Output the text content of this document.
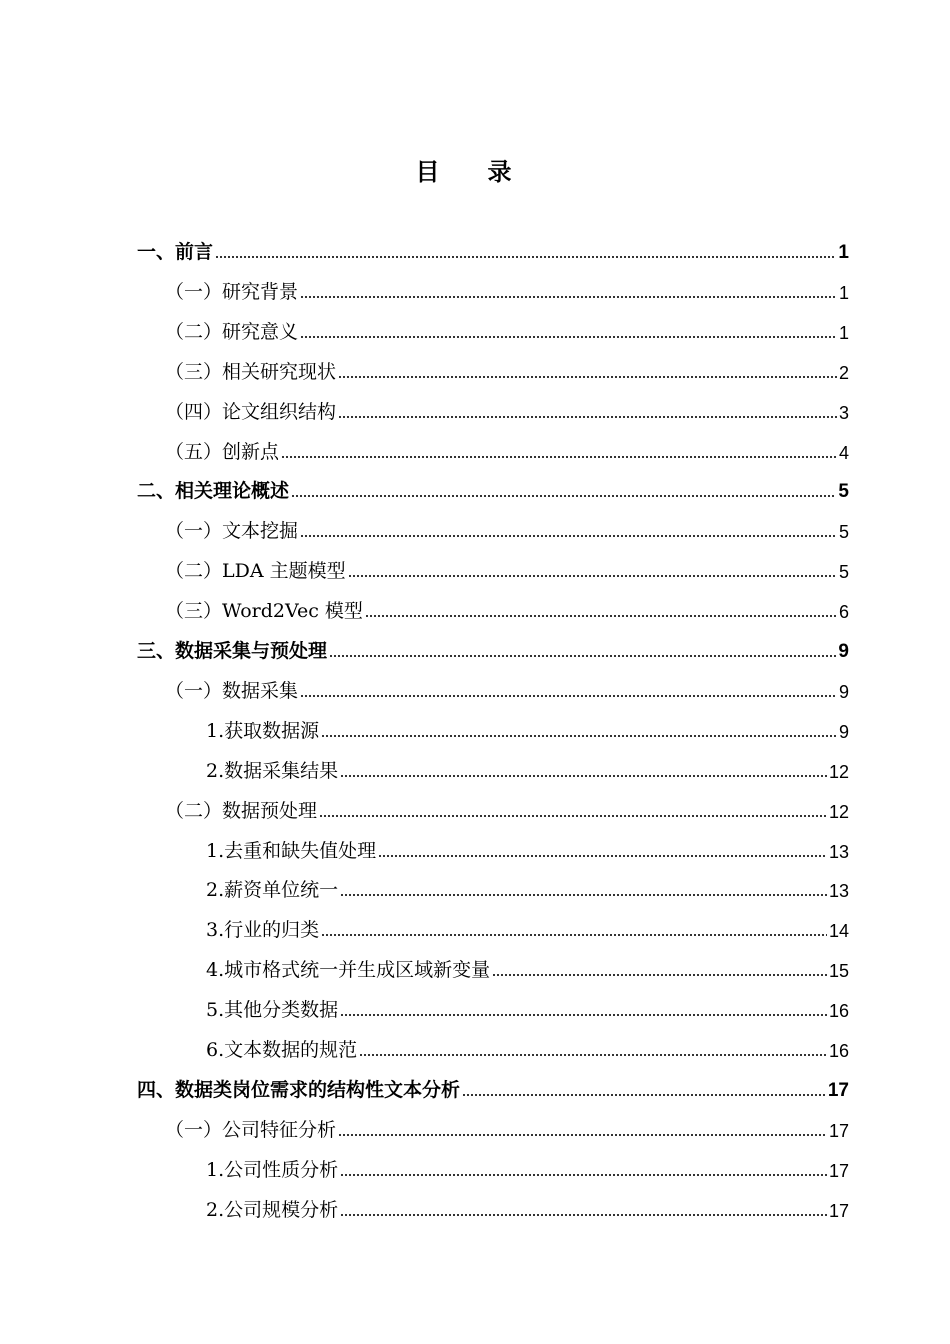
目录
一、前言	1
（一）研究背景	1
（二）研究意义	1
（三）相关研究现状	2
（四）论文组织结构	3
（五）创新点	4
二、相关理论概述	5
（一）文本挖掘	5
（二）LDA 主题模型	5
（三）Word2Vec 模型	6
三、数据采集与预处理	9
（一）数据采集	9
1.获取数据源	9
2.数据采集结果	12
（二）数据预处理	12
1.去重和缺失值处理	13
2.薪资单位统一	13
3.行业的归类	14
4.城市格式统一并生成区域新变量	15
5.其他分类数据	16
6.文本数据的规范	16
四、数据类岗位需求的结构性文本分析	17
（一）公司特征分析	17
1.公司性质分析	17
2.公司规模分析	17
